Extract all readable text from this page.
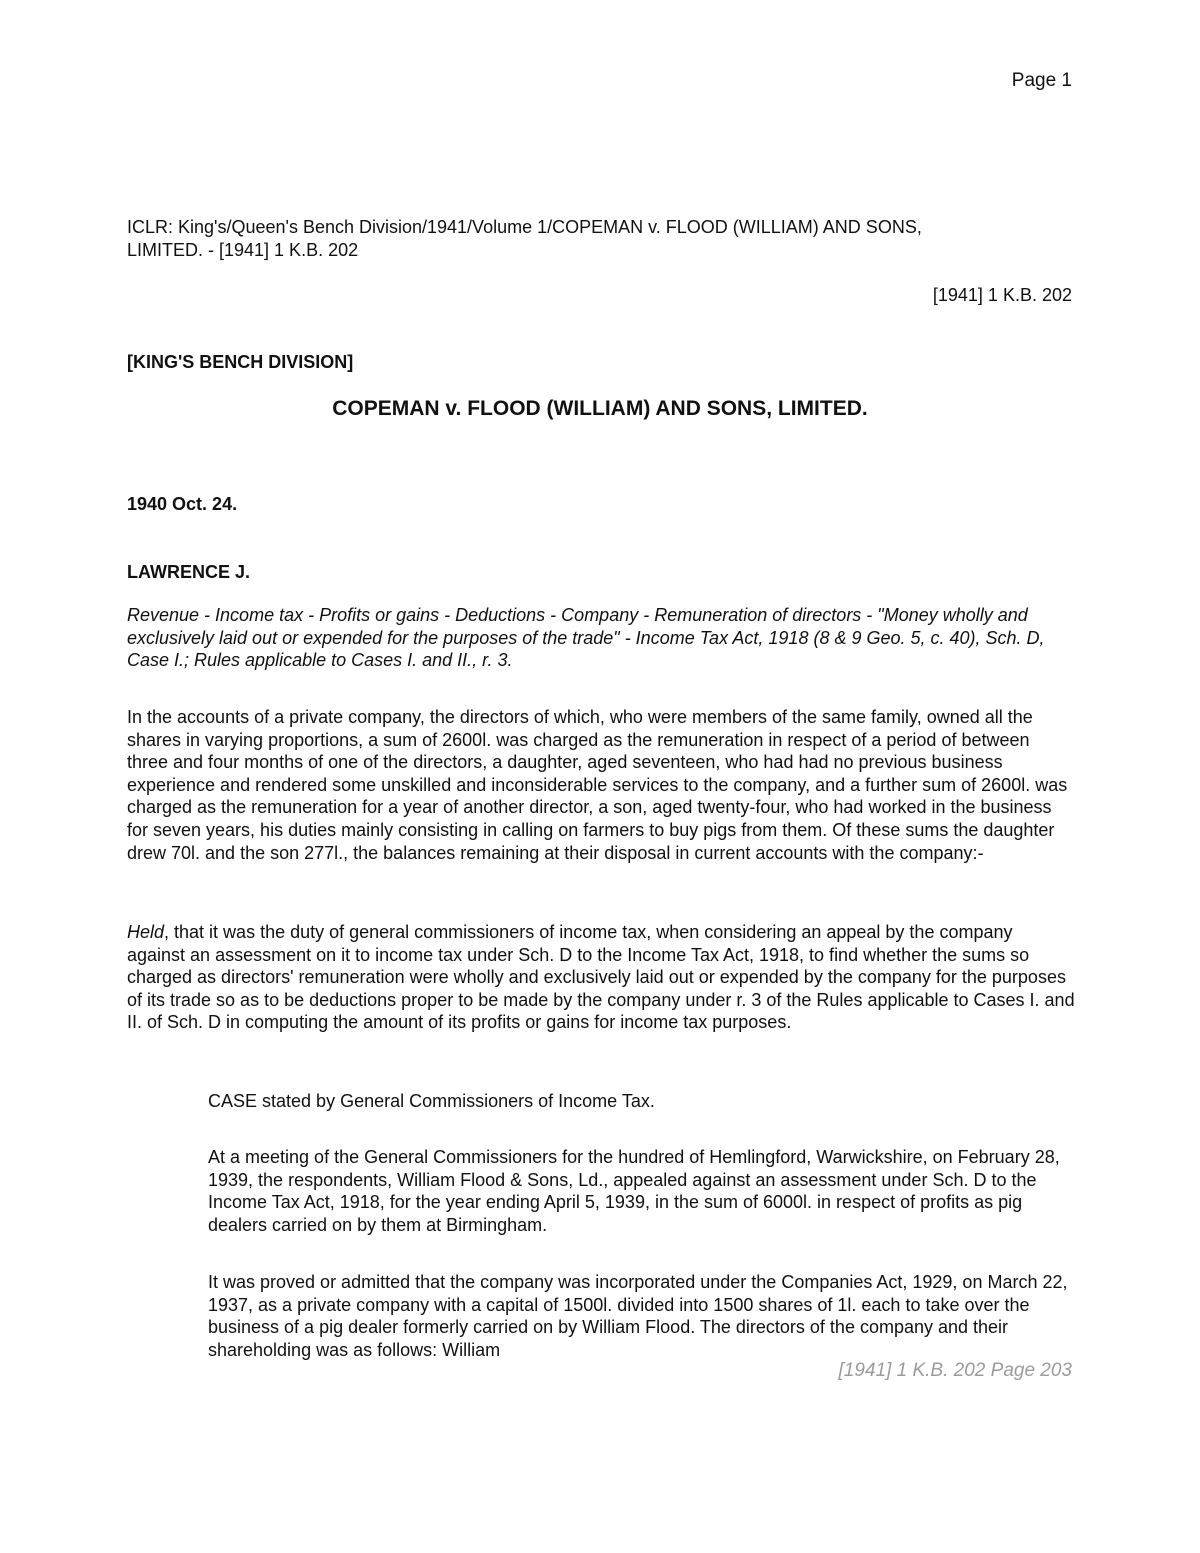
Page 1
ICLR: King's/Queen's Bench Division/1941/Volume 1/COPEMAN v. FLOOD (WILLIAM) AND SONS,
LIMITED. - [1941] 1 K.B. 202
[1941] 1 K.B. 202
[KING'S BENCH DIVISION]
COPEMAN v. FLOOD (WILLIAM) AND SONS, LIMITED.
1940 Oct. 24.
LAWRENCE J.
Revenue - Income tax - Profits or gains - Deductions - Company - Remuneration of directors - "Money wholly and exclusively laid out or expended for the purposes of the trade" - Income Tax Act, 1918 (8 & 9 Geo. 5, c. 40), Sch. D, Case I.; Rules applicable to Cases I. and II., r. 3.
In the accounts of a private company, the directors of which, who were members of the same family, owned all the shares in varying proportions, a sum of 2600l. was charged as the remuneration in respect of a period of between three and four months of one of the directors, a daughter, aged seventeen, who had had no previous business experience and rendered some unskilled and inconsiderable services to the company, and a further sum of 2600l. was charged as the remuneration for a year of another director, a son, aged twenty-four, who had worked in the business for seven years, his duties mainly consisting in calling on farmers to buy pigs from them. Of these sums the daughter drew 70l. and the son 277l., the balances remaining at their disposal in current accounts with the company:-
Held, that it was the duty of general commissioners of income tax, when considering an appeal by the company against an assessment on it to income tax under Sch. D to the Income Tax Act, 1918, to find whether the sums so charged as directors' remuneration were wholly and exclusively laid out or expended by the company for the purposes of its trade so as to be deductions proper to be made by the company under r. 3 of the Rules applicable to Cases I. and II. of Sch. D in computing the amount of its profits or gains for income tax purposes.
CASE stated by General Commissioners of Income Tax.
At a meeting of the General Commissioners for the hundred of Hemlingford, Warwickshire, on February 28, 1939, the respondents, William Flood & Sons, Ld., appealed against an assessment under Sch. D to the Income Tax Act, 1918, for the year ending April 5, 1939, in the sum of 6000l. in respect of profits as pig dealers carried on by them at Birmingham.
It was proved or admitted that the company was incorporated under the Companies Act, 1929, on March 22, 1937, as a private company with a capital of 1500l. divided into 1500 shares of 1l. each to take over the business of a pig dealer formerly carried on by William Flood. The directors of the company and their shareholding was as follows: William
[1941] 1 K.B. 202 Page 203
